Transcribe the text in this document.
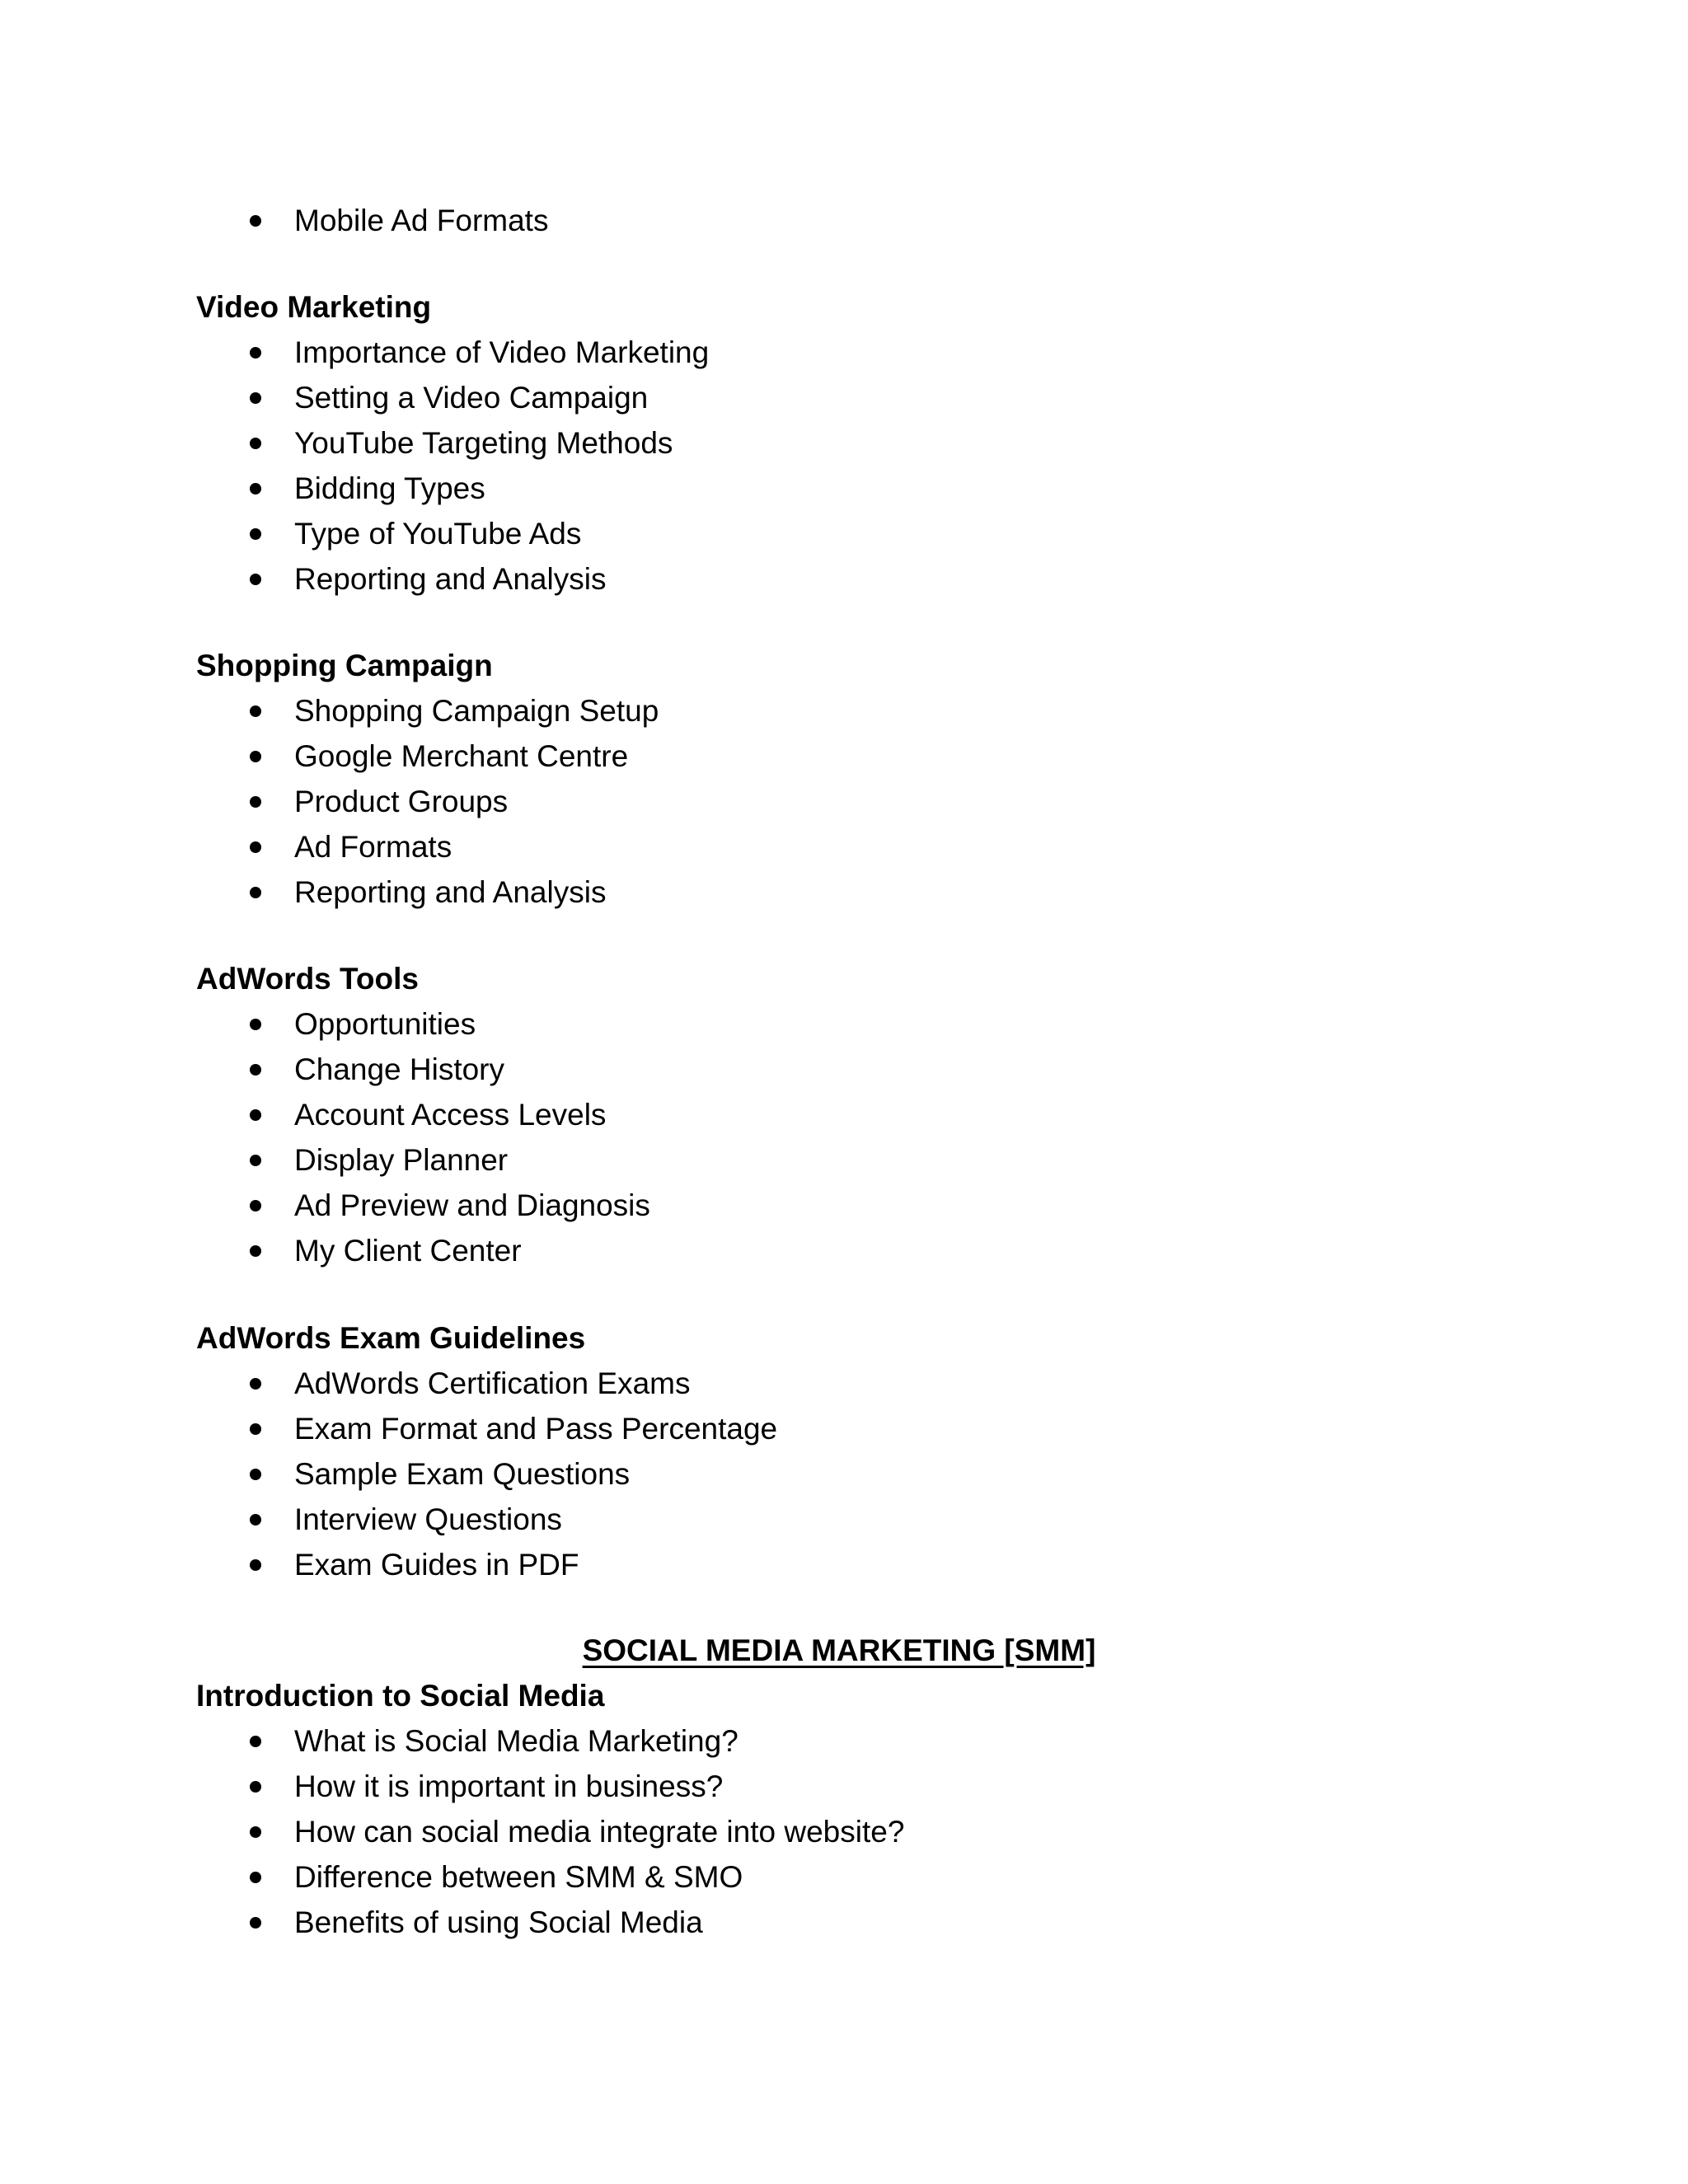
Mobile Ad Formats
Video Marketing
Importance of Video Marketing
Setting a Video Campaign
YouTube Targeting Methods
Bidding Types
Type of YouTube Ads
Reporting and Analysis
Shopping Campaign
Shopping Campaign Setup
Google Merchant Centre
Product Groups
Ad Formats
Reporting and Analysis
AdWords Tools
Opportunities
Change History
Account Access Levels
Display Planner
Ad Preview and Diagnosis
My Client Center
AdWords Exam Guidelines
AdWords Certification Exams
Exam Format and Pass Percentage
Sample Exam Questions
Interview Questions
Exam Guides in PDF
SOCIAL MEDIA MARKETING [SMM]
Introduction to Social Media
What is Social Media Marketing?
How it is important in business?
How can social media integrate into website?
Difference between SMM & SMO
Benefits of using Social Media
